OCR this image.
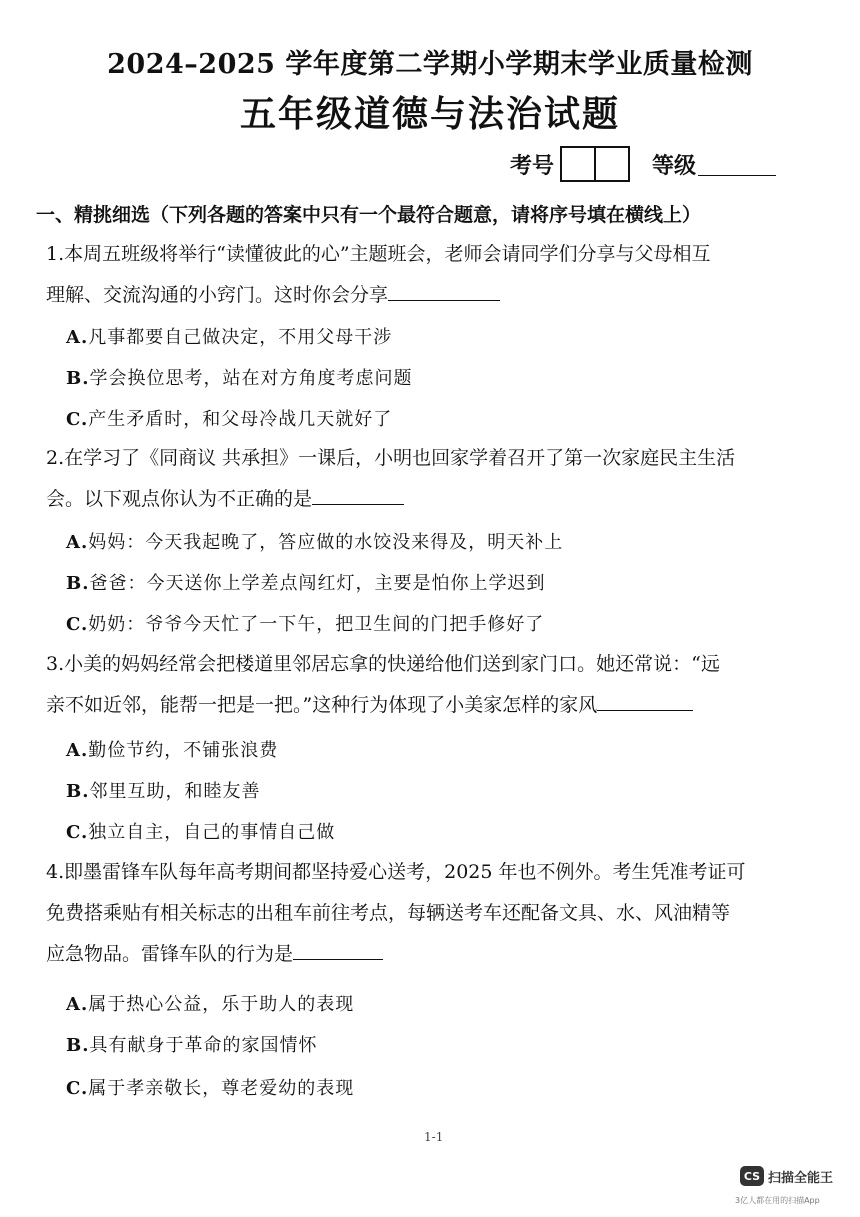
2024–2025 学年度第二学期小学期末学业质量检测
五年级道德与法治试题
考号	等级
一、精挑细选（下列各题的答案中只有一个最符合题意，请将序号填在横线上）
1.本周五班级将举行“读懂彼此的心”主题班会，老师会请同学们分享与父母相互
理解、交流沟通的小窍门。这时你会分享
A.凡事都要自己做决定，不用父母干涉
B.学会换位思考，站在对方角度考虑问题
C.产生矛盾时，和父母冷战几天就好了
2.在学习了《同商议 共承担》一课后，小明也回家学着召开了第一次家庭民主生活
会。以下观点你认为不正确的是
A.妈妈：今天我起晚了，答应做的水饺没来得及，明天补上
B.爸爸：今天送你上学差点闯红灯，主要是怕你上学迟到
C.奶奶：爷爷今天忙了一下午，把卫生间的门把手修好了
3.小美的妈妈经常会把楼道里邻居忘拿的快递给他们送到家门口。她还常说：“远
亲不如近邻，能帮一把是一把。”这种行为体现了小美家怎样的家风
A.勤俭节约，不铺张浪费
B.邻里互助，和睦友善
C.独立自主，自己的事情自己做
4.即墨雷锋车队每年高考期间都坚持爱心送考，2025 年也不例外。考生凭准考证可
免费搭乘贴有相关标志的出租车前往考点，每辆送考车还配备文具、水、风油精等
应急物品。雷锋车队的行为是
A.属于热心公益，乐于助人的表现
B.具有献身于革命的家国情怀
C.属于孝亲敬长，尊老爱幼的表现
1-1
CS 扫描全能王
3亿人都在用的扫描App
